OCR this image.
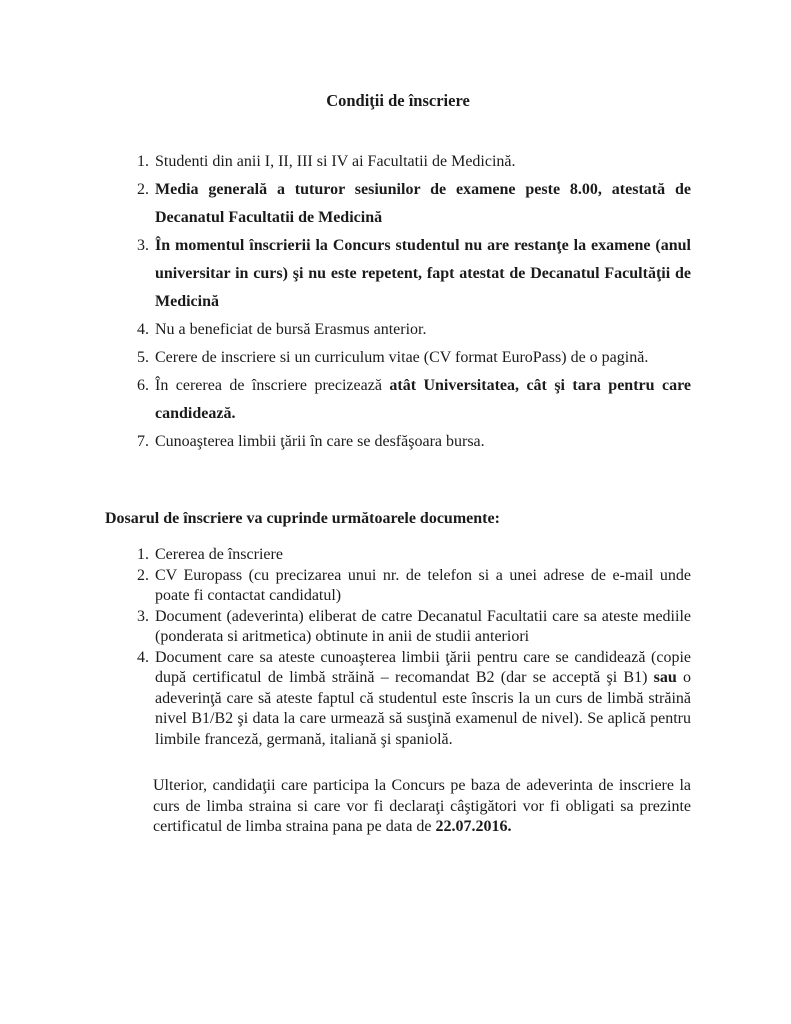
Condiţii de înscriere
1. Studenti din anii I, II, III si IV ai Facultatii de Medicină.
2. Media generală a tuturor sesiunilor de examene peste 8.00, atestată de Decanatul Facultatii de Medicină
3. În momentul înscrierii la Concurs studentul nu are restanţe la examene (anul universitar in curs) şi nu este repetent, fapt atestat de Decanatul Facultăţii de Medicină
4. Nu a beneficiat de bursă Erasmus anterior.
5. Cerere de inscriere si un curriculum vitae (CV format EuroPass) de o pagină.
6. În cererea de înscriere precizează atât Universitatea, cât şi tara pentru care candidează.
7. Cunoaşterea limbii ţării în care se desfăşoara bursa.

Dosarul de înscriere va cuprinde următoarele documente:

1. Cererea de înscriere
2. CV Europass (cu precizarea unui nr. de telefon si a unei adrese de e-mail unde poate fi contactat candidatul)
3. Document (adeverinta) eliberat de catre Decanatul Facultatii care sa ateste mediile (ponderata si aritmetica) obtinute in anii de studii anteriori
4. Document care sa ateste cunoaşterea limbii ţării pentru care se candidează (copie după certificatul de limbă străină – recomandat B2 (dar se acceptă şi B1) sau o adeverinţă care să ateste faptul că studentul este înscris la un curs de limbă străină nivel B1/B2 şi data la care urmează să susţină examenul de nivel). Se aplică pentru limbile franceză, germană, italiană şi spaniolă.

Ulterior, candidaţii care participa la Concurs pe baza de adeverinta de inscriere la curs de limba straina si care vor fi declaraţi câştigători vor fi obligati sa prezinte certificatul de limba straina pana pe data de 22.07.2016.
